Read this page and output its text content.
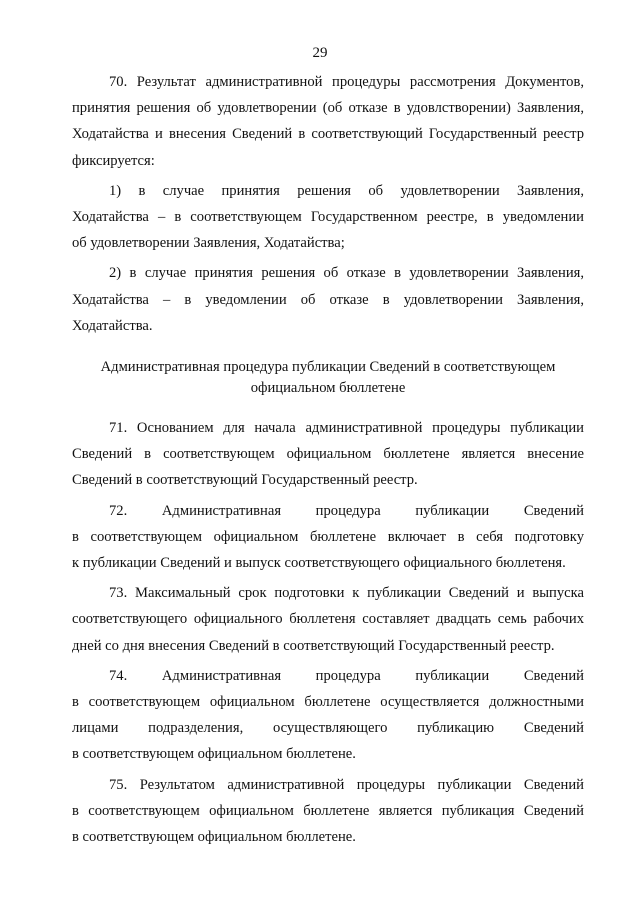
29

70. Результат административной процедуры рассмотрения Документов,
принятия решения об удовлетворении (об отказе в удовлствоpении) Заявления,
Ходатайства и внесения Сведений в соответствующий Государственный реестр
фиксируется:

1) в случае принятия решения об удовлетворении Заявления,
Ходатайства – в соответствующем Государственном реестре, в уведомлении
об удовлетворении Заявления, Ходатайства;

2) в случае принятия решения об отказе в удовлетворении Заявления,
Ходатайства – в уведомлении об отказе в удовлетворении Заявления,
Ходатайства.

Административная процедура публикации Сведений в соответствующем

официальном бюллетене

71. Основанием для начала административной процедуры публикации
Сведений в соответствующем официальном бюллетене является внесение
Сведений в соответствующий Государственный реестр.

72. Административная процедура публикации Сведений
в соответствующем официальном бюллетене включает в себя подготовку
к публикации Сведений и выпуск соответствующего официального бюллетеня.

73. Максимальный срок подготовки к публикации Сведений и выпуска
соответствующего официального бюллетеня составляет двадцать семь рабочих
дней со дня внесения Сведений в соответствующий Государственный реестр.

74. Административная процедура публикации Сведений
в соответствующем официальном бюллетене осуществляется должностными
лицами подразделения, осуществляющего публикацию Сведений
в соответствующем официальном бюллетене.

75. Результатом административной процедуры публикации Сведений
в соответствующем официальном бюллетене является публикация Сведений
в соответствующем официальном бюллетене.
